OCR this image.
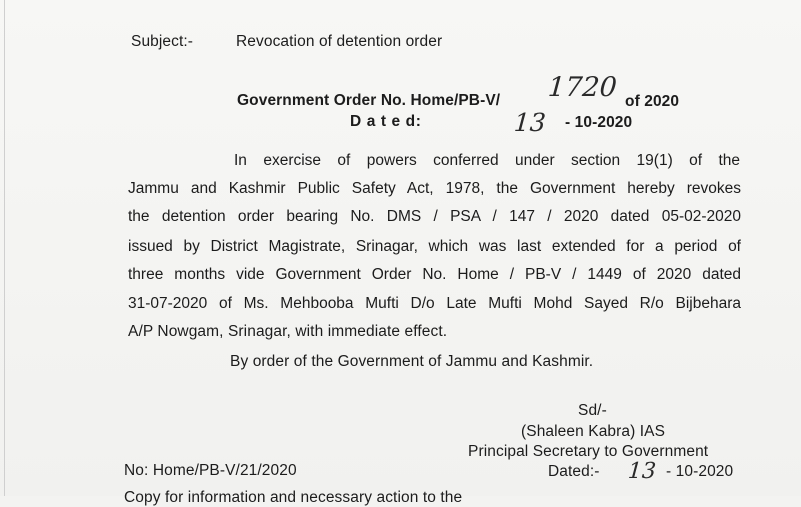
Subject:-	Revocation of detention order
Government Order No. Home/PB-V/ 1720 of 2020
D a t e d:	13 - 10-2020
In exercise of powers conferred under section 19(1) of the
Jammu and Kashmir Public Safety Act, 1978, the Government hereby revokes
the detention order bearing No. DMS / PSA / 147 / 2020 dated 05-02-2020
issued by District Magistrate, Srinagar, which was last extended for a period of
three months vide Government Order No. Home / PB-V / 1449 of 2020 dated
31-07-2020 of Ms. Mehbooba Mufti D/o Late Mufti Mohd Sayed R/o Bijbehara
A/P Nowgam, Srinagar, with immediate effect.
By order of the Government of Jammu and Kashmir.
Sd/-
(Shaleen Kabra) IAS
Principal Secretary to Government
No: Home/PB-V/21/2020	Dated:- 13 - 10-2020
Copy for information and necessary action to the
